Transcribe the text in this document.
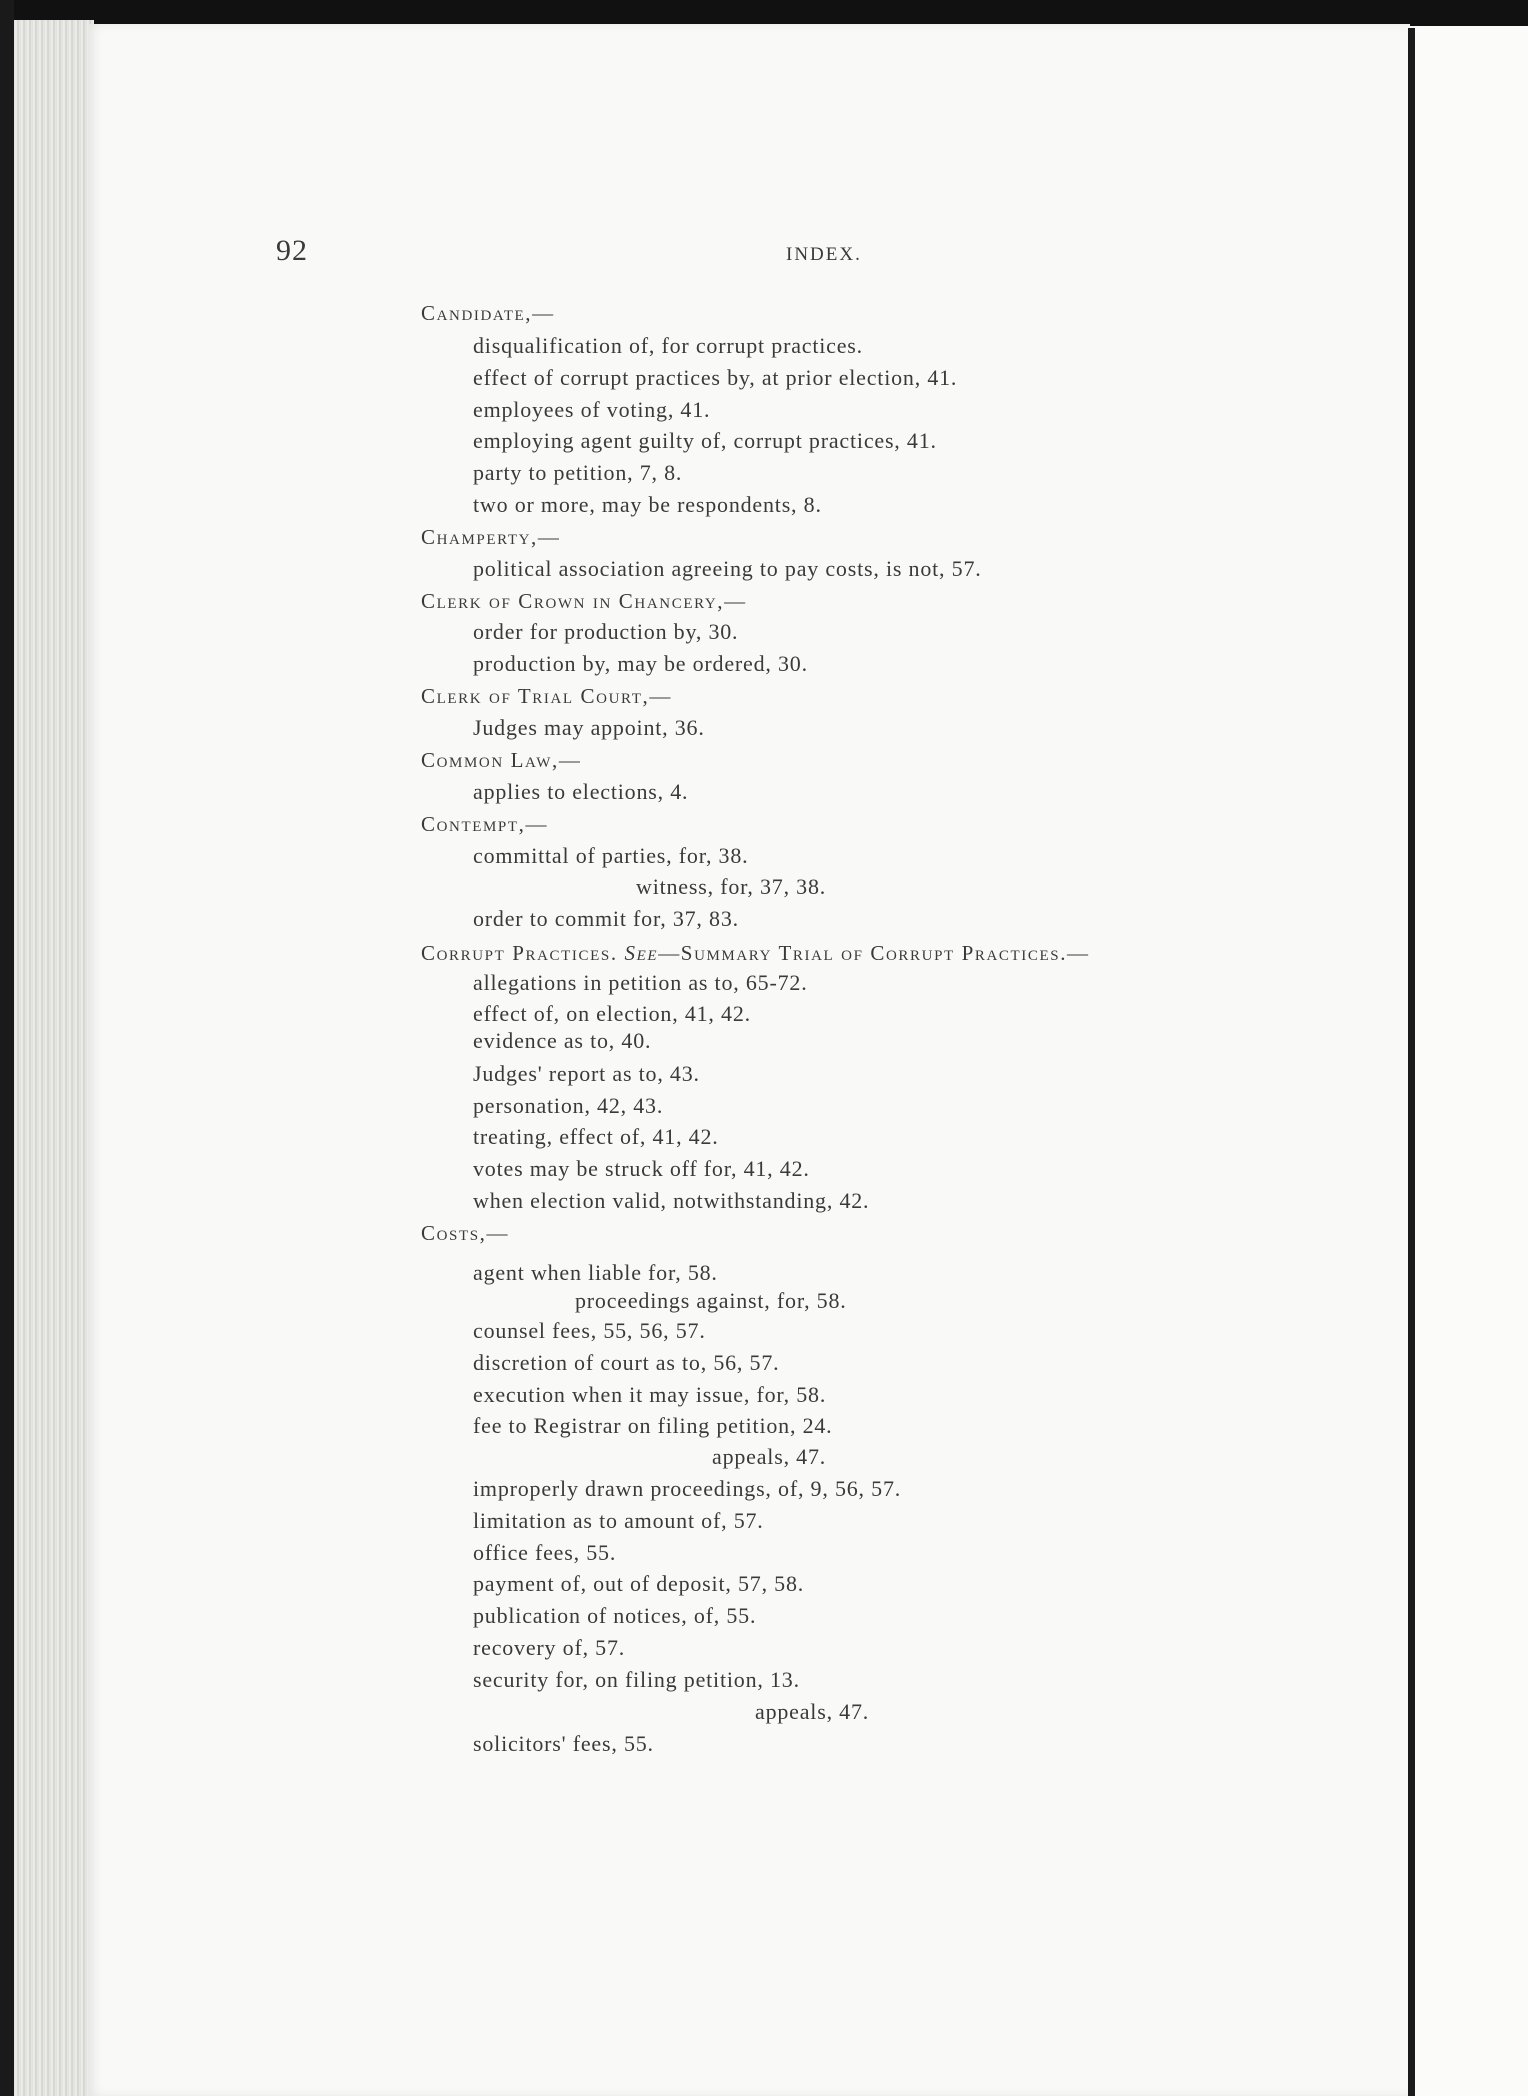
92	INDEX.
Candidate,—
disqualification of, for corrupt practices.
effect of corrupt practices by, at prior election, 41.
employees of voting, 41.
employing agent guilty of, corrupt practices, 41.
party to petition, 7, 8.
two or more, may be respondents, 8.
Champerty,—
political association agreeing to pay costs, is not, 57.
Clerk of Crown in Chancery,—
order for production by, 30.
production by, may be ordered, 30.
Clerk of Trial Court,—
Judges may appoint, 36.
Common Law,—
applies to elections, 4.
Contempt,—
committal of parties, for, 38.
witness, for, 37, 38.
order to commit for, 37, 83.
Corrupt Practices. See—Summary Trial of Corrupt Practices.—
allegations in petition as to, 65-72.
effect of, on election, 41, 42.
evidence as to, 40.
Judges' report as to, 43.
personation, 42, 43.
treating, effect of, 41, 42.
votes may be struck off for, 41, 42.
when election valid, notwithstanding, 42.
Costs,—
agent when liable for, 58.
proceedings against, for, 58.
counsel fees, 55, 56, 57.
discretion of court as to, 56, 57.
execution when it may issue, for, 58.
fee to Registrar on filing petition, 24.
appeals, 47.
improperly drawn proceedings, of, 9, 56, 57.
limitation as to amount of, 57.
office fees, 55.
payment of, out of deposit, 57, 58.
publication of notices, of, 55.
recovery of, 57.
security for, on filing petition, 13.
appeals, 47.
solicitors' fees, 55.
